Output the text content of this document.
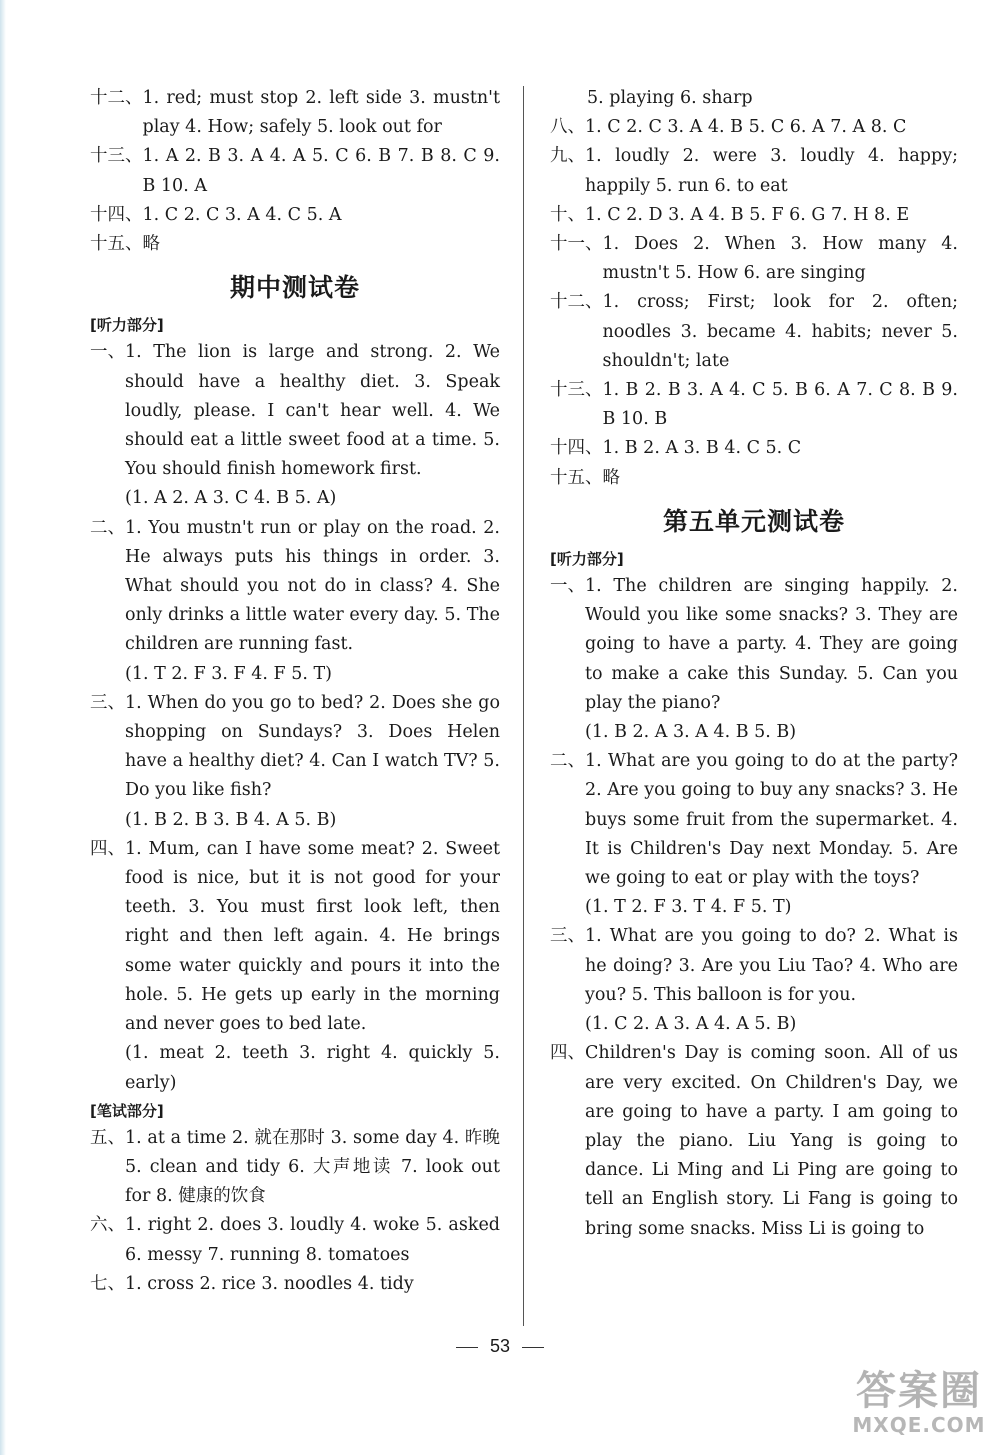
十二、 1. red; must stop 2. left side 3. mustn't play 4. How; safely 5. look out for
十三、 1. A 2. B 3. A 4. A 5. C 6. B 7. B 8. C 9. B 10. A
十四、 1. C 2. C 3. A 4. C 5. A
十五、 略
期中测试卷
[听力部分]
一、 1. The lion is large and strong. 2. We should have a healthy diet. 3. Speak loudly, please. I can't hear well. 4. We should eat a little sweet food at a time. 5. You should finish homework first.
(1. A 2. A 3. C 4. B 5. A)
二、 1. You mustn't run or play on the road. 2. He always puts his things in order. 3. What should you not do in class? 4. She only drinks a little water every day. 5. The children are running fast.
(1. T 2. F 3. F 4. F 5. T)
三、 1. When do you go to bed? 2. Does she go shopping on Sundays? 3. Does Helen have a healthy diet? 4. Can I watch TV? 5. Do you like fish?
(1. B 2. B 3. B 4. A 5. B)
四、 1. Mum, can I have some meat? 2. Sweet food is nice, but it is not good for your teeth. 3. You must first look left, then right and then left again. 4. He brings some water quickly and pours it into the hole. 5. He gets up early in the morning and never goes to bed late.
(1. meat 2. teeth 3. right 4. quickly 5. early)
[笔试部分]
五、 1. at a time 2. 就在那时 3. some day 4. 昨晚 5. clean and tidy 6. 大声地读 7. look out for 8. 健康的饮食
六、 1. right 2. does 3. loudly 4. woke 5. asked 6. messy 7. running 8. tomatoes
七、 1. cross 2. rice 3. noodles 4. tidy
5. playing 6. sharp
八、 1. C 2. C 3. A 4. B 5. C 6. A 7. A 8. C
九、 1. loudly 2. were 3. loudly 4. happy; happily 5. run 6. to eat
十、 1. C 2. D 3. A 4. B 5. F 6. G 7. H 8. E
十一、 1. Does 2. When 3. How many 4. mustn't 5. How 6. are singing
十二、 1. cross; First; look for 2. often; noodles 3. became 4. habits; never 5. shouldn't; late
十三、 1. B 2. B 3. A 4. C 5. B 6. A 7. C 8. B 9. B 10. B
十四、 1. B 2. A 3. B 4. C 5. C
十五、 略
第五单元测试卷
[听力部分]
一、 1. The children are singing happily. 2. Would you like some snacks? 3. They are going to have a party. 4. They are going to make a cake this Sunday. 5. Can you play the piano?
(1. B 2. A 3. A 4. B 5. B)
二、 1. What are you going to do at the party? 2. Are you going to buy any snacks? 3. He buys some fruit from the supermarket. 4. It is Children's Day next Monday. 5. Are we going to eat or play with the toys?
(1. T 2. F 3. T 4. F 5. T)
三、 1. What are you going to do? 2. What is he doing? 3. Are you Liu Tao? 4. Who are you? 5. This balloon is for you.
(1. C 2. A 3. A 4. A 5. B)
四、 Children's Day is coming soon. All of us are very excited. On Children's Day, we are going to have a party. I am going to play the piano. Liu Yang is going to dance. Li Ming and Li Ping are going to tell an English story. Li Fang is going to bring some snacks. Miss Li is going to
53
答案圈
MXQE.COM
